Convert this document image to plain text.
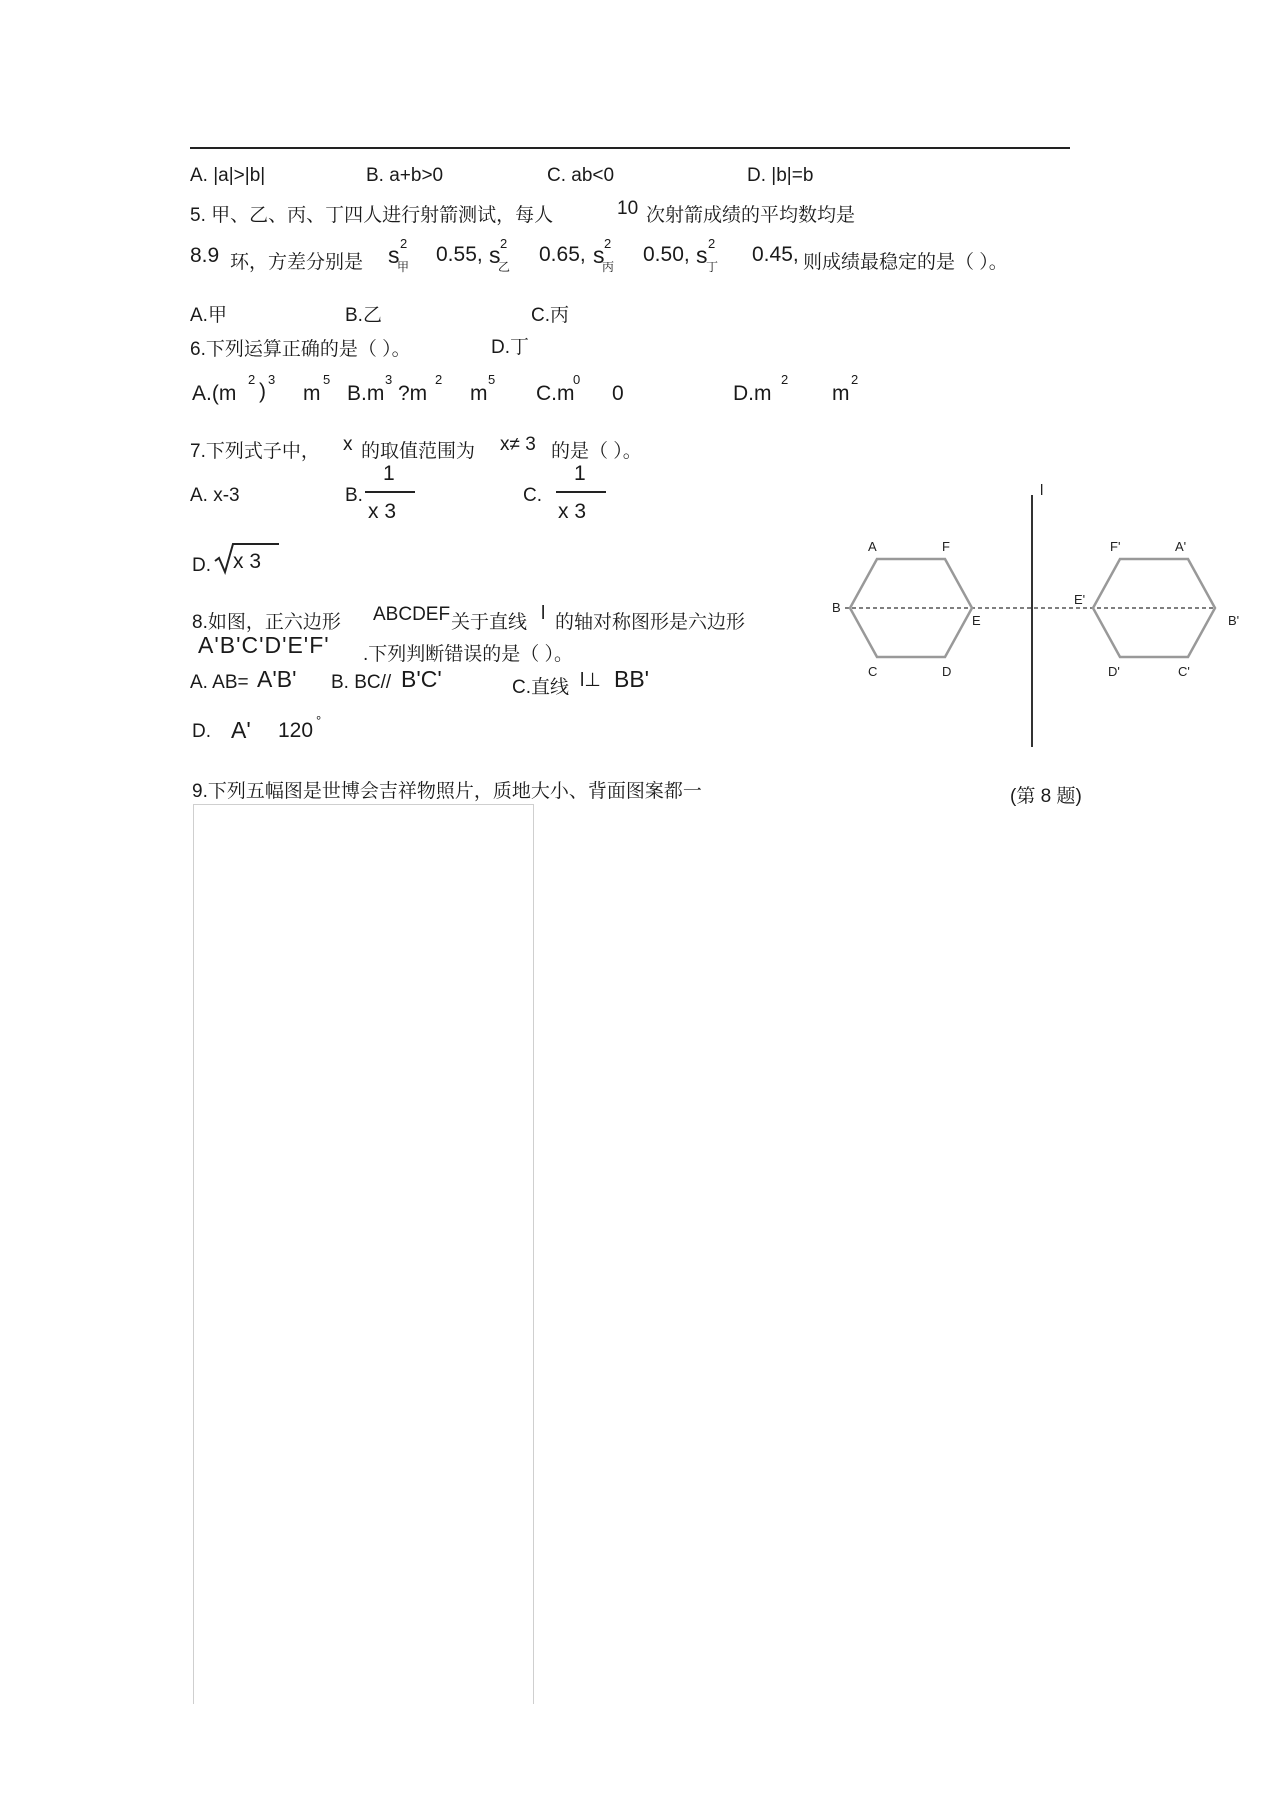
A. |a|>|b|	B. a+b>0	C. ab<0	D. |b|=b
5. 甲、乙、丙、丁四人进行射箭测试，每人	10 次射箭成绩的平均数均是
8.9 环，方差分别是 s 2
甲
0.55, s 2
乙
0.65, s 2
丙
0.50, s 2
丁
0.45, 则成绩最稳定的是（ ）。
A.甲	B.乙	C.丙
6.下列运算正确的是（ ）。	D.丁
A.(m
2
)
3
m
5
B.m
3
?m
2
m
5
C.m
0
0	D.m
2
m
2
7.下列式子中， x 的取值范围为 x≠ 3 的是（ ）。
A. x-3	B.
1
x 3
C.
1
x 3
D. x 3
8.如图，正六边形 ABCDEF 关于直线 l 的轴对称图形是六边形
A'B'C'D'E'F' .下列判断错误的是（ ）。
A. AB= A'B' B. BC// B'C'	C.直线 l⊥ BB'
D. A' 120 °
l
A	F
B
E
C	D
F'	A'
E'
B'
D'	C'
(第 8 题)
9.下列五幅图是世博会吉祥物照片，质地大小、背面图案都一
